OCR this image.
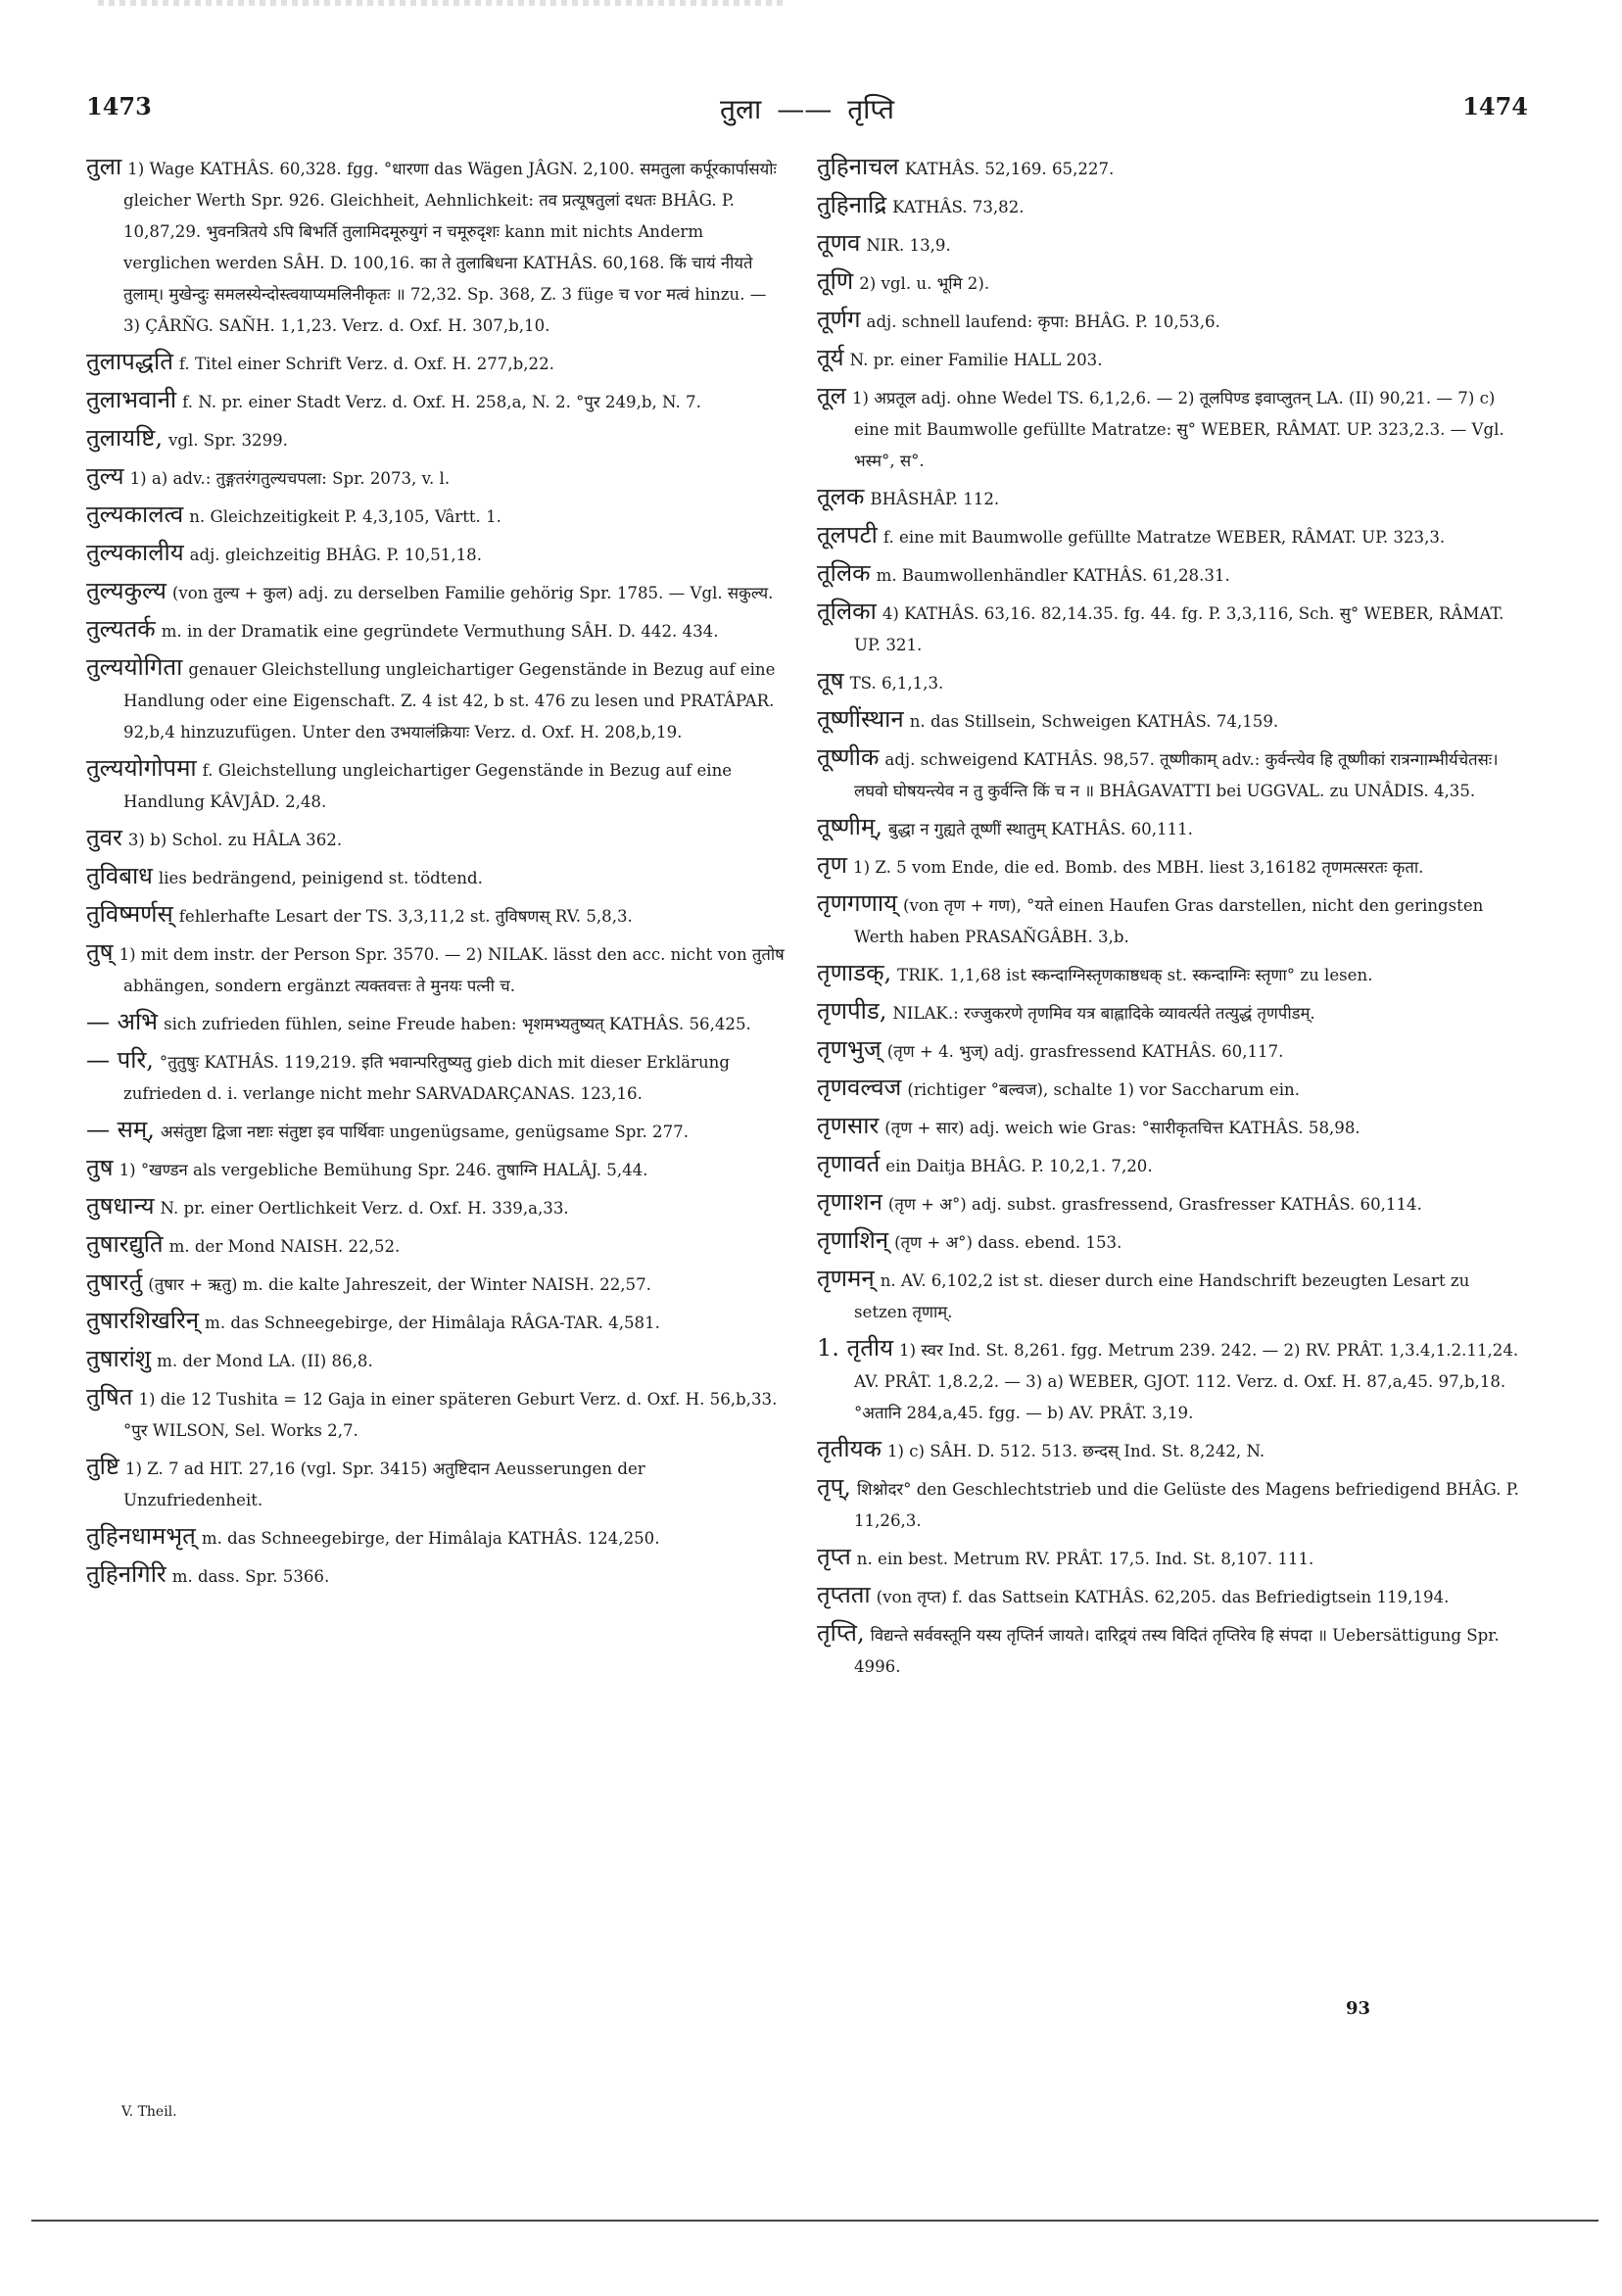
1473	तुला —— तृप्ति	1474

तुला 1) Wage KATHÂS. 60,328. fgg. °धारणा das Wägen JÂGN. 2,100. समतुला कर्पूरकार्पासयोः gleicher Werth Spr. 926. Gleichheit, Aehnlichkeit: तव प्रत्यूषतुलां दधतः BHÂG. P. 10,87,29. भुवनत्रितये ऽपि बिभर्ति तुलामिदमूरुयुगं न चमूरुदृशः kann mit nichts Anderm verglichen werden SÂH. D. 100,16. का ते तुलाबिधना KATHÂS. 60,168. किं चायं नीयते तुलाम्। मुखेन्दुः समलस्येन्दोस्त्वयाप्यमलिनीकृतः ॥ 72,32. Sp. 368, Z. 3 füge च vor मत्वं hinzu. — 3) ÇÂRÑG. SAÑH. 1,1,23. Verz. d. Oxf. H. 307,b,10.

तुलापद्धति f. Titel einer Schrift Verz. d. Oxf. H. 277,b,22.

तुलाभवानी f. N. pr. einer Stadt Verz. d. Oxf. H. 258,a, N. 2. °पुर 249,b, N. 7.

तुलायष्टि, vgl. Spr. 3299.

तुल्य 1) a) adv.: तुङ्गतरंगतुल्यचपला: Spr. 2073, v. l.

तुल्यकालत्व n. Gleichzeitigkeit P. 4,3,105, Vârtt. 1.

तुल्यकालीय adj. gleichzeitig BHÂG. P. 10,51,18.

तुल्यकुल्य (von तुल्य + कुल) adj. zu derselben Familie gehörig Spr. 1785. — Vgl. सकुल्य.

तुल्यतर्क m. in der Dramatik eine gegründete Vermuthung SÂH. D. 442. 434.

तुल्ययोगिता genauer Gleichstellung ungleichartiger Gegenstände in Bezug auf eine Handlung oder eine Eigenschaft. Z. 4 ist 42, b st. 476 zu lesen und PRATÂPAR. 92,b,4 hinzuzufügen. Unter den उभयालंक्रियाः Verz. d. Oxf. H. 208,b,19.

तुल्ययोगोपमा f. Gleichstellung ungleichartiger Gegenstände in Bezug auf eine Handlung KÂVJÂD. 2,48.

तुवर 3) b) Schol. zu HÂLA 362.

तुविबाध lies bedrängend, peinigend st. tödtend.

तुविष्मर्णस् fehlerhafte Lesart der TS. 3,3,11,2 st. तुविषणस् RV. 5,8,3.

तुष् 1) mit dem instr. der Person Spr. 3570. — 2) NILAK. lässt den acc. nicht von तुतोष abhängen, sondern ergänzt त्यक्तवत्तः ते मुनयः पत्नी च.

— अभि sich zufrieden fühlen, seine Freude haben: भृशमभ्यतुष्यत् KATHÂS. 56,425.

— परि, °तुतुषुः KATHÂS. 119,219. इति भवान्परितुष्यतु gieb dich mit dieser Erklärung zufrieden d. i. verlange nicht mehr SARVADARÇANAS. 123,16.

— सम्, असंतुष्टा द्विजा नष्टाः संतुष्टा इव पार्थिवाः ungenügsame, genügsame Spr. 277.

तुष 1) °खण्डन als vergebliche Bemühung Spr. 246. तुषाग्नि HALÂJ. 5,44.

तुषधान्य N. pr. einer Oertlichkeit Verz. d. Oxf. H. 339,a,33.

तुषारद्युति m. der Mond NAISH. 22,52.

तुषारर्तु (तुषार + ऋतु) m. die kalte Jahreszeit, der Winter NAISH. 22,57.

तुषारशिखरिन् m. das Schneegebirge, der Himâlaja RÂGA-TAR. 4,581.

तुषारांशु m. der Mond LA. (II) 86,8.

तुषित 1) die 12 Tushita = 12 Gaja in einer späteren Geburt Verz. d. Oxf. H. 56,b,33. °पुर WILSON, Sel. Works 2,7.

तुष्टि 1) Z. 7 ad HIT. 27,16 (vgl. Spr. 3415) अतुष्टिदान Aeusserungen der Unzufriedenheit.

तुहिनधामभृत् m. das Schneegebirge, der Himâlaja KATHÂS. 124,250.

तुहिनगिरि m. dass. Spr. 5366.

तुहिनाचल KATHÂS. 52,169. 65,227.

तुहिनाद्रि KATHÂS. 73,82.

तूणव NIR. 13,9.

तूणि 2) vgl. u. भूमि 2).

तूर्णग adj. schnell laufend: कृपा: BHÂG. P. 10,53,6.

तूर्य N. pr. einer Familie HALL 203.

तूल 1) अप्रतूल adj. ohne Wedel TS. 6,1,2,6. — 2) तूलपिण्ड इवाप्लुतन् LA. (II) 90,21. — 7) c) eine mit Baumwolle gefüllte Matratze: सु° WEBER, RÂMAT. UP. 323,2.3. — Vgl. भस्म°, स°.

तूलक BHÂSHÂP. 112.

तूलपटी f. eine mit Baumwolle gefüllte Matratze WEBER, RÂMAT. UP. 323,3.

तूलिक m. Baumwollenhändler KATHÂS. 61,28.31.

तूलिका 4) KATHÂS. 63,16. 82,14.35. fg. 44. fg. P. 3,3,116, Sch. सु° WEBER, RÂMAT. UP. 321.

तूष TS. 6,1,1,3.

तूष्णींस्थान n. das Stillsein, Schweigen KATHÂS. 74,159.

तूष्णीक adj. schweigend KATHÂS. 98,57. तूष्णीकाम् adv.: कुर्वन्त्येव हि तूष्णीकां रात्रन्गाम्भीर्यचेतसः। लघवो घोषयन्त्येव न तु कुर्वन्ति किं च न ॥ BHÂGAVATTI bei UGGVAL. zu UNÂDIS. 4,35.

तूष्णीम्, बुद्धा न गुह्यते तूष्णीं स्थातुम् KATHÂS. 60,111.

तृण 1) Z. 5 vom Ende, die ed. Bomb. des MBH. liest 3,16182 तृणमत्सरतः कृता.

तृणगणाय् (von तृण + गण), °यते einen Haufen Gras darstellen, nicht den geringsten Werth haben PRASAÑGÂBH. 3,b.

तृणाडक्, TRIK. 1,1,68 ist स्कन्दाग्निस्तृणकाष्ठधक् st. स्कन्दाग्निः स्तृणा° zu lesen.

तृणपीड, NILAK.: रज्जुकरणे तृणमिव यत्र बाह्लादिके व्यावर्त्यते तत्युद्धं तृणपीडम्.

तृणभुज् (तृण + 4. भुज्) adj. grasfressend KATHÂS. 60,117.

तृणवल्वज (richtiger °बल्वज), schalte 1) vor Saccharum ein.

तृणसार (तृण + सार) adj. weich wie Gras: °सारीकृतचित्त KATHÂS. 58,98.

तृणावर्त ein Daitja BHÂG. P. 10,2,1. 7,20.

तृणाशन (तृण + अ°) adj. subst. grasfressend, Grasfresser KATHÂS. 60,114.

तृणाशिन् (तृण + अ°) dass. ebend. 153.

तृणमन् n. AV. 6,102,2 ist st. dieser durch eine Handschrift bezeugten Lesart zu setzen तृणाम्.

1. तृतीय 1) स्वर Ind. St. 8,261. fgg. Metrum 239. 242. — 2) RV. PRÂT. 1,3.4,1.2.11,24. AV. PRÂT. 1,8.2,2. — 3) a) WEBER, GJOT. 112. Verz. d. Oxf. H. 87,a,45. 97,b,18. °अतानि 284,a,45. fgg. — b) AV. PRÂT. 3,19.

तृतीयक 1) c) SÂH. D. 512. 513. छन्दस् Ind. St. 8,242, N.

तृप्, शिश्नोदर° den Geschlechtstrieb und die Gelüste des Magens befriedigend BHÂG. P. 11,26,3.

तृप्त n. ein best. Metrum RV. PRÂT. 17,5. Ind. St. 8,107. 111.

तृप्तता (von तृप्त) f. das Sattsein KATHÂS. 62,205. das Befriedigtsein 119,194.

तृप्ति, विद्यन्ते सर्ववस्तूनि यस्य तृप्तिर्न जायते। दारिद्र्यं तस्य विदितं तृप्तिरेव हि संपदा ॥ Uebersättigung Spr. 4996.

93
V. Theil.
